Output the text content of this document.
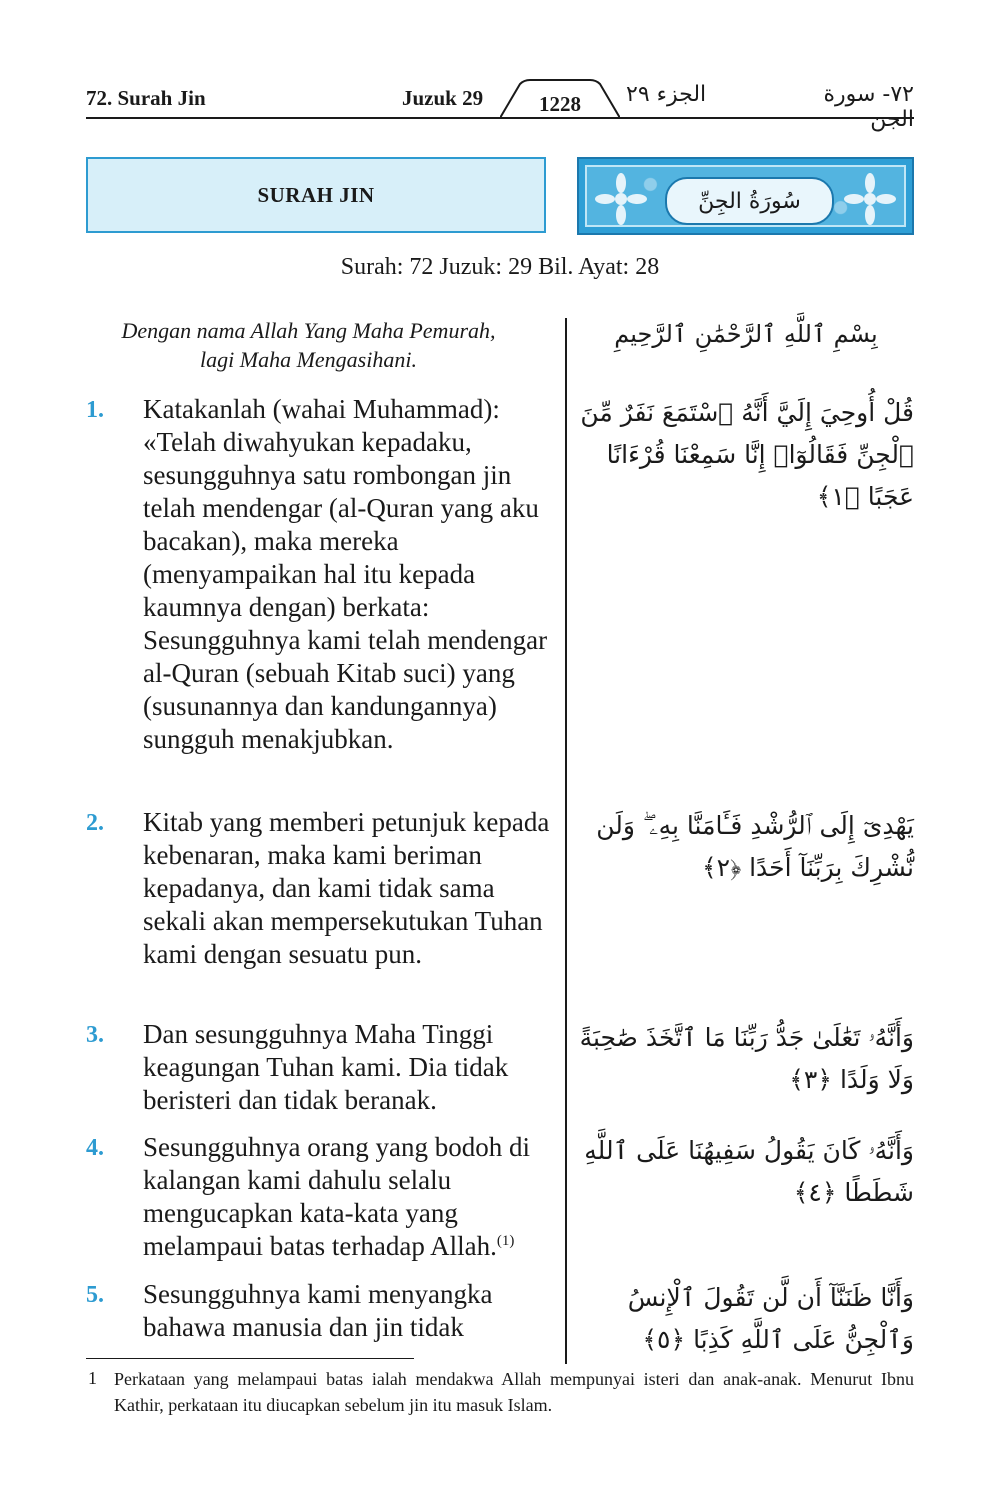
72. Surah Jin	Juzuk 29	1228 الجزء ٢٩	٧٢- سورة الجن
SURAH JIN	سُورَةُ الجِنِّ
Surah: 72 Juzuk: 29 Bil. Ayat: 28
Dengan nama Allah Yang Maha Pemurah,
lagi Maha Mengasihani.
بِسْمِ ٱللَّهِ ٱلرَّحْمَٰنِ ٱلرَّحِيمِ
1. Katakanlah (wahai Muhammad): «Telah diwahyukan kepadaku, sesungguhnya satu rombongan jin telah mendengar (al-Quran yang aku bacakan), maka mereka (menyampaikan hal itu kepada kaumnya dengan) berkata: Sesungguhnya kami telah mendengar al-Quran (sebuah Kitab suci) yang (susunannya dan kandungannya) sungguh menakjubkan.
قُلْ أُوحِيَ إِلَيَّ أَنَّهُ ٱسْتَمَعَ نَفَرٌ مِّنَ ٱلْجِنِّ فَقَالُوٓا۟ إِنَّا سَمِعْنَا قُرْءَانًا عَجَبًا ﴿١﴾
2. Kitab yang memberi petunjuk kepada kebenaran, maka kami beriman kepadanya, dan kami tidak sama sekali akan mempersekutukan Tuhan kami dengan sesuatu pun.
يَهْدِىٓ إِلَى ٱلرُّشْدِ فَـَٔامَنَّا بِهِۦ ۖ وَلَن نُّشْرِكَ بِرَبِّنَآ أَحَدًا ﴿٢﴾
3. Dan sesungguhnya Maha Tinggi keagungan Tuhan kami. Dia tidak beristeri dan tidak beranak.
وَأَنَّهُۥ تَعَٰلَىٰ جَدُّ رَبِّنَا مَا ٱتَّخَذَ صَٰحِبَةً وَلَا وَلَدًا ﴿٣﴾
4. Sesungguhnya orang yang bodoh di kalangan kami dahulu selalu mengucapkan kata-kata yang melampaui batas terhadap Allah.$^{(1)}$
وَأَنَّهُۥ كَانَ يَقُولُ سَفِيهُنَا عَلَى ٱللَّهِ شَطَطًا ﴿٤﴾
5. Sesungguhnya kami menyangka bahawa manusia dan jin tidak
وَأَنَّا ظَنَنَّآ أَن لَّن تَقُولَ ٱلْإِنسُ وَٱلْجِنُّ عَلَى ٱللَّهِ كَذِبًا ﴿٥﴾
1 Perkataan yang melampaui batas ialah mendakwa Allah mempunyai isteri dan anak-anak. Menurut Ibnu Kathir, perkataan itu diucapkan sebelum jin itu masuk Islam.
